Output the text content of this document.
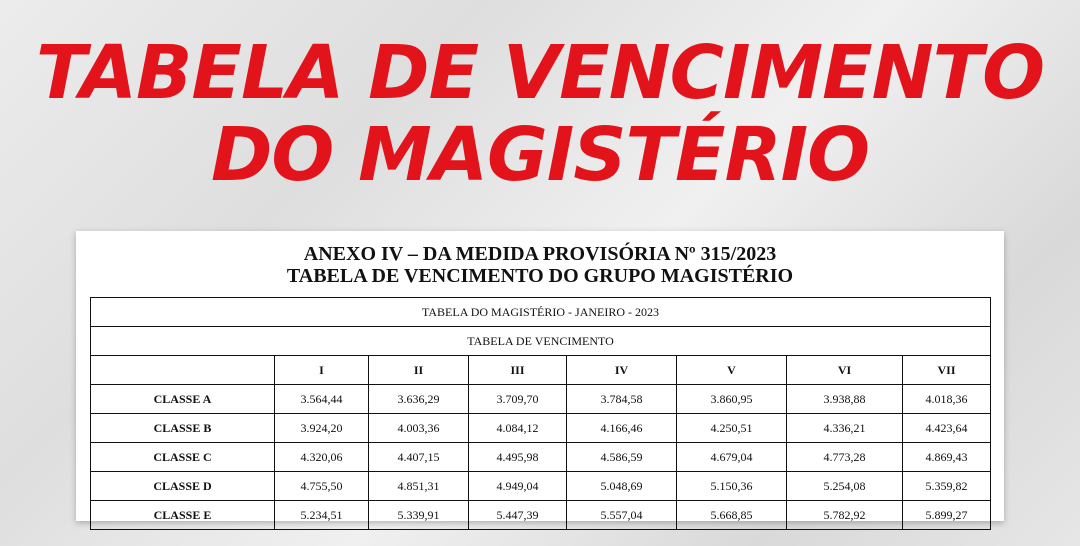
TABELA DE VENCIMENTO
DO MAGISTÉRIO
ANEXO IV – DA MEDIDA PROVISÓRIA Nº 315/2023
TABELA DE VENCIMENTO DO GRUPO MAGISTÉRIO
TABELA DO MAGISTÉRIO - JANEIRO - 2023							
TABELA DE VENCIMENTO							
	I	II	III	IV	V	VI	VII
CLASSE A	3.564,44	3.636,29	3.709,70	3.784,58	3.860,95	3.938,88	4.018,36
CLASSE B	3.924,20	4.003,36	4.084,12	4.166,46	4.250,51	4.336,21	4.423,64
CLASSE C	4.320,06	4.407,15	4.495,98	4.586,59	4.679,04	4.773,28	4.869,43
CLASSE D	4.755,50	4.851,31	4.949,04	5.048,69	5.150,36	5.254,08	5.359,82
CLASSE E	5.234,51	5.339,91	5.447,39	5.557,04	5.668,85	5.782,92	5.899,27
